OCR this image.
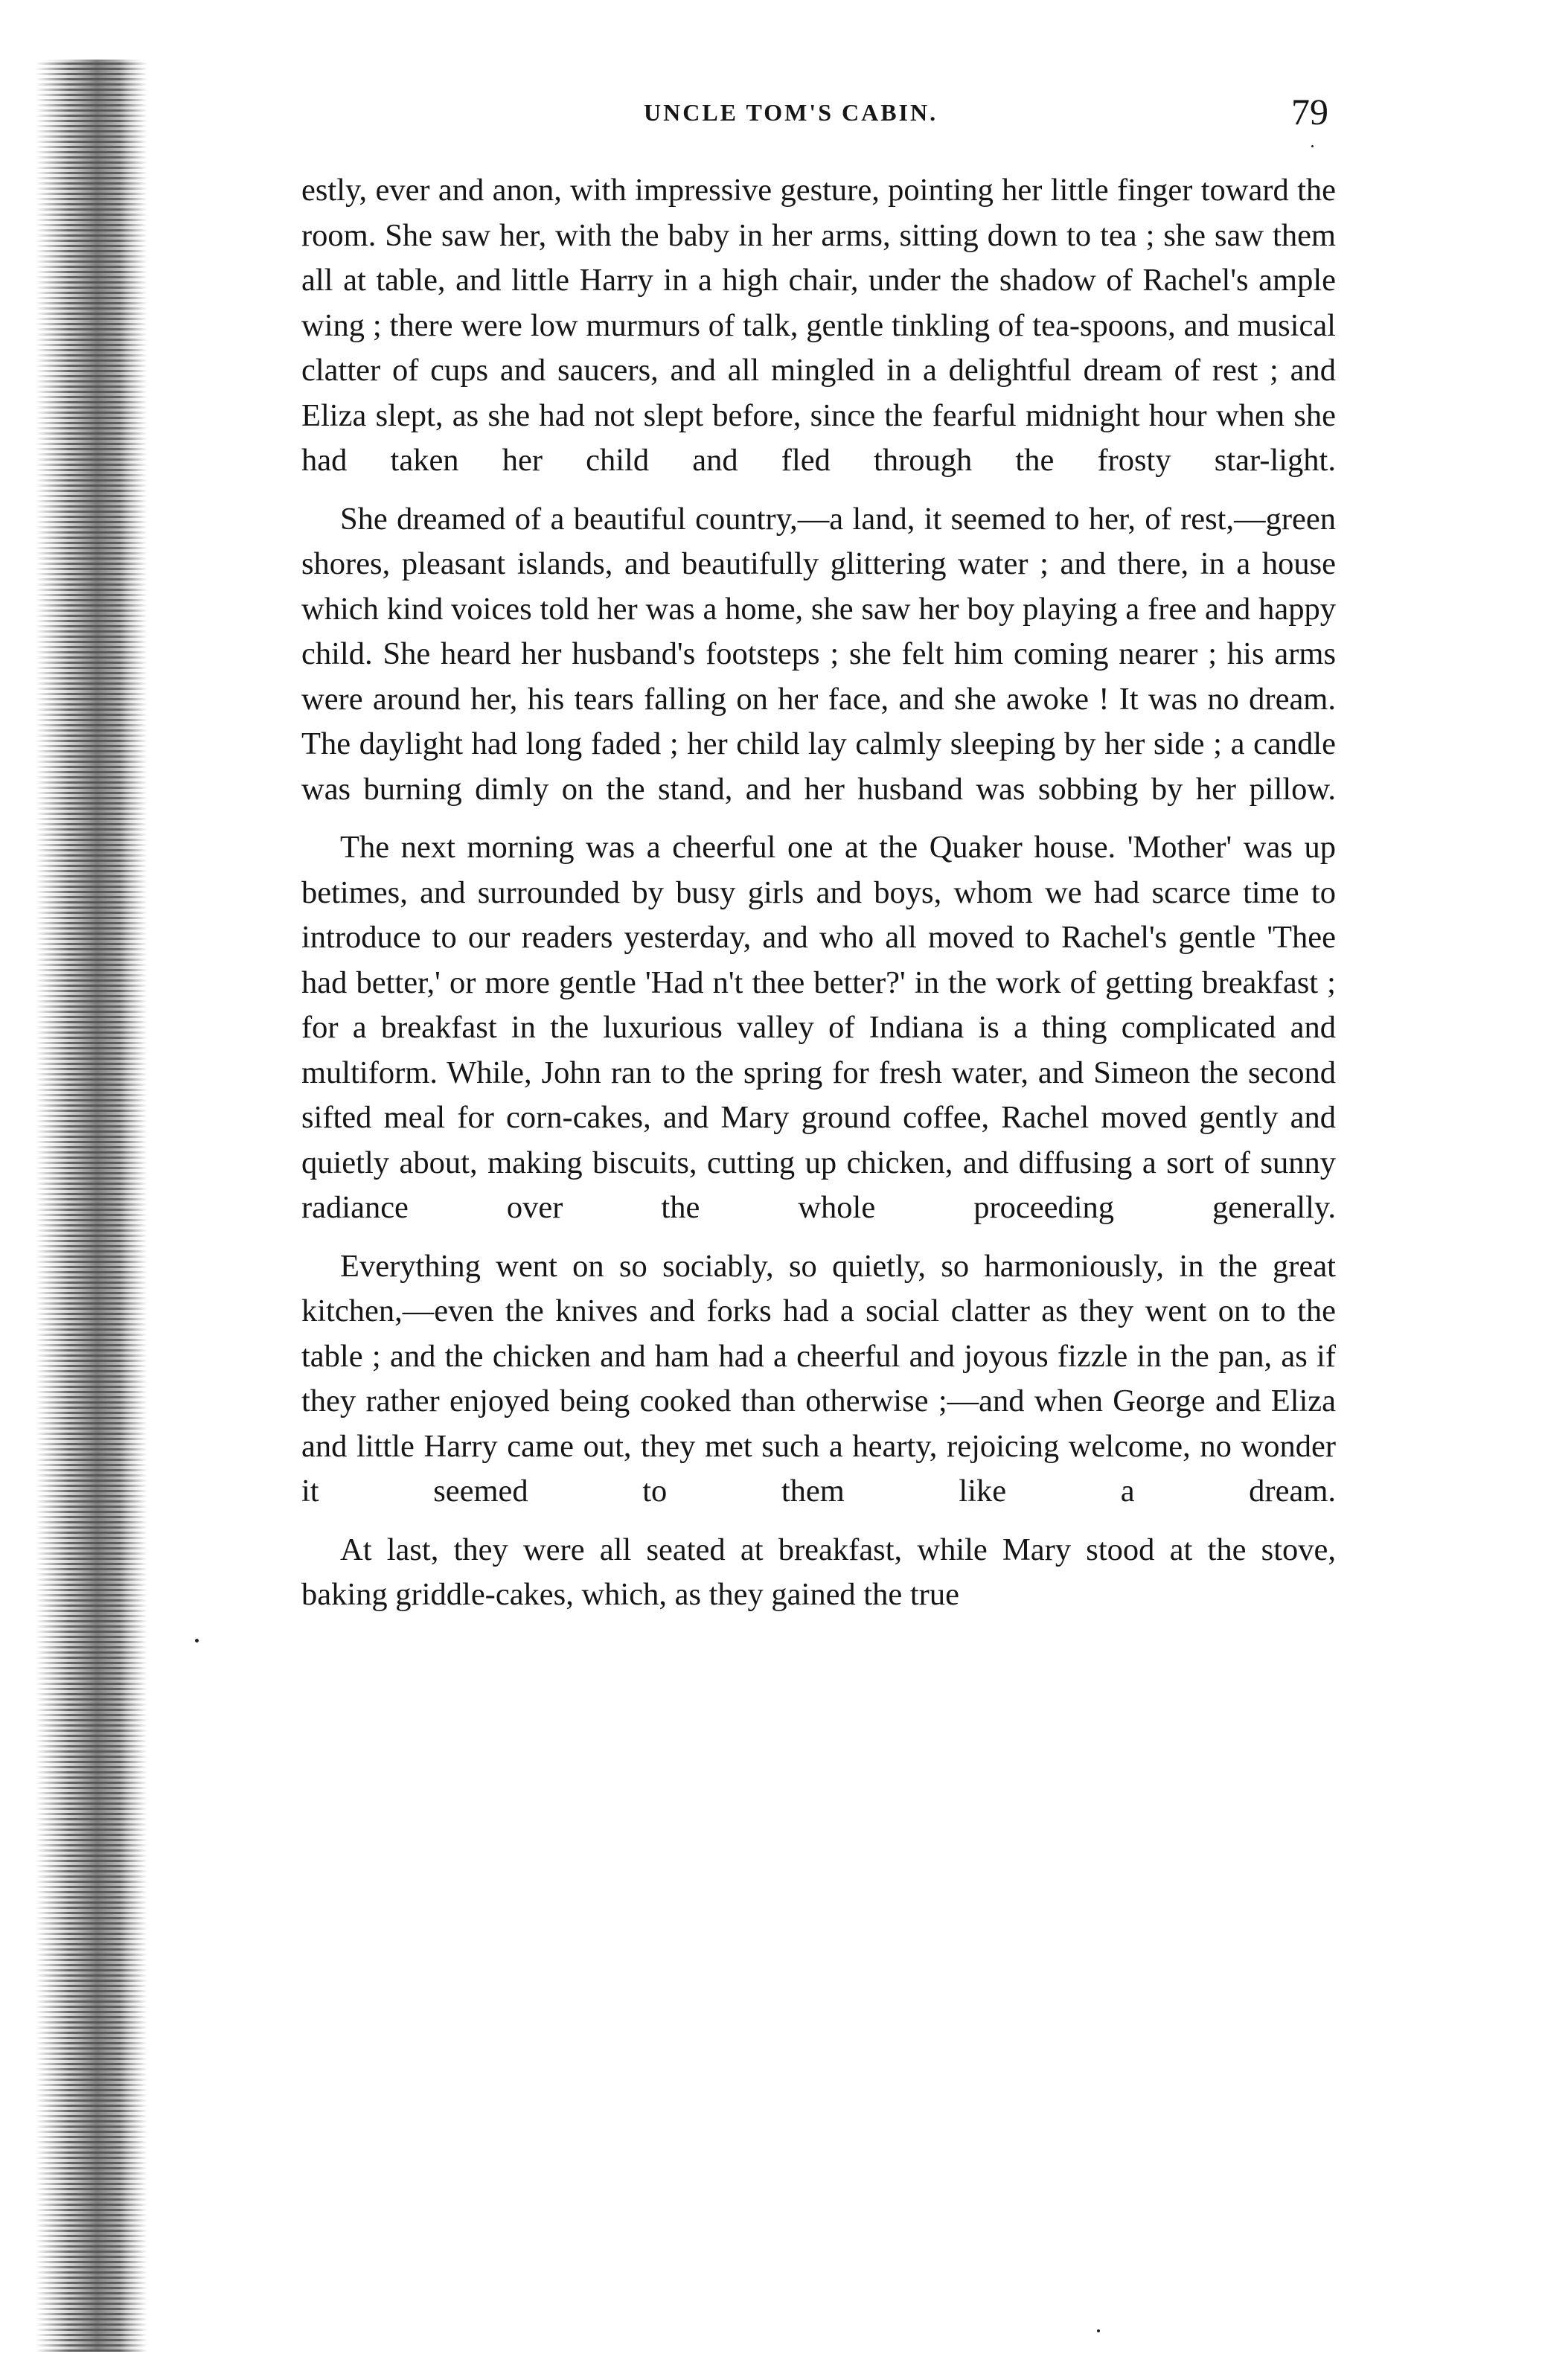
UNCLE TOM'S CABIN.	79

estly, ever and anon, with impressive gesture, pointing her little finger toward the room. She saw her, with the baby in her arms, sitting down to tea ; she saw them all at table, and little Harry in a high chair, under the shadow of Rachel's ample wing ; there were low murmurs of talk, gentle tinkling of tea-spoons, and musical clatter of cups and saucers, and all mingled in a delightful dream of rest ; and Eliza slept, as she had not slept before, since the fearful midnight hour when she had taken her child and fled through the frosty star-light.

She dreamed of a beautiful country,—a land, it seemed to her, of rest,—green shores, pleasant islands, and beautifully glittering water ; and there, in a house which kind voices told her was a home, she saw her boy playing a free and happy child. She heard her husband's footsteps ; she felt him coming nearer ; his arms were around her, his tears falling on her face, and she awoke ! It was no dream. The daylight had long faded ; her child lay calmly sleeping by her side ; a candle was burning dimly on the stand, and her husband was sobbing by her pillow.

The next morning was a cheerful one at the Quaker house. 'Mother' was up betimes, and surrounded by busy girls and boys, whom we had scarce time to introduce to our readers yesterday, and who all moved to Rachel's gentle 'Thee had better,' or more gentle 'Had n't thee better?' in the work of getting breakfast ; for a breakfast in the luxurious valley of Indiana is a thing complicated and multiform. While, John ran to the spring for fresh water, and Simeon the second sifted meal for corn-cakes, and Mary ground coffee, Rachel moved gently and quietly about, making biscuits, cutting up chicken, and diffusing a sort of sunny radiance over the whole proceeding generally.

Everything went on so sociably, so quietly, so harmoniously, in the great kitchen,—even the knives and forks had a social clatter as they went on to the table ; and the chicken and ham had a cheerful and joyous fizzle in the pan, as if they rather enjoyed being cooked than otherwise ;—and when George and Eliza and little Harry came out, they met such a hearty, rejoicing welcome, no wonder it seemed to them like a dream.

At last, they were all seated at breakfast, while Mary stood at the stove, baking griddle-cakes, which, as they gained the true
